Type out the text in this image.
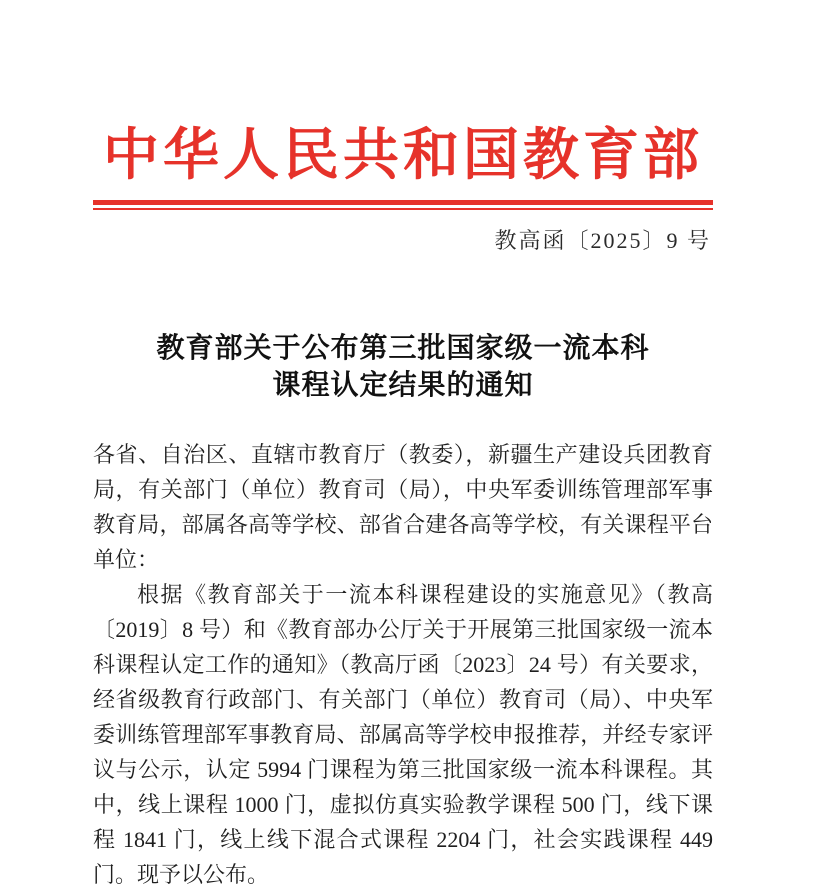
中华人民共和国教育部
教高函〔2025〕9 号
教育部关于公布第三批国家级一流本科
课程认定结果的通知

各省、自治区、直辖市教育厅（教委），新疆生产建设兵团教育局，有关部门（单位）教育司（局），中央军委训练管理部军事教育局，部属各高等学校、部省合建各高等学校，有关课程平台单位：

根据《教育部关于一流本科课程建设的实施意见》（教高〔2019〕8 号）和《教育部办公厅关于开展第三批国家级一流本科课程认定工作的通知》（教高厅函〔2023〕24 号）有关要求，经省级教育行政部门、有关部门（单位）教育司（局）、中央军委训练管理部军事教育局、部属高等学校申报推荐，并经专家评议与公示，认定 5994 门课程为第三批国家级一流本科课程。其中，线上课程 1000 门，虚拟仿真实验教学课程 500 门，线下课程 1841 门，线上线下混合式课程 2204 门，社会实践课程 449 门。现予以公布。
